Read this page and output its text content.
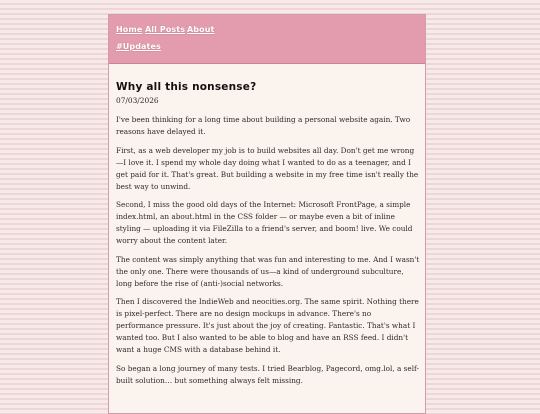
Home All Posts About
#Updates
Why all this nonsense?
07/03/2026

I've been thinking for a long time about building a personal website again. Two reasons have delayed it.

First, as a web developer my job is to build websites all day. Don't get me wrong—I love it. I spend my whole day doing what I wanted to do as a teenager, and I get paid for it. That's great. But building a website in my free time isn't really the best way to unwind.

Second, I miss the good old days of the Internet: Microsoft FrontPage, a simple index.html, an about.html in the CSS folder — or maybe even a bit of inline styling — uploading it via FileZilla to a friend's server, and boom! live. We could worry about the content later.

The content was simply anything that was fun and interesting to me. And I wasn't the only one. There were thousands of us—a kind of underground subculture, long before the rise of (anti-)social networks.

Then I discovered the IndieWeb and neocities.org. The same spirit. Nothing there is pixel-perfect. There are no design mockups in advance. There's no performance pressure. It's just about the joy of creating. Fantastic. That's what I wanted too. But I also wanted to be able to blog and have an RSS feed. I didn't want a huge CMS with a database behind it.

So began a long journey of many tests. I tried Bearblog, Pagecord, omg.lol, a self-built solution… but something always felt missing.
